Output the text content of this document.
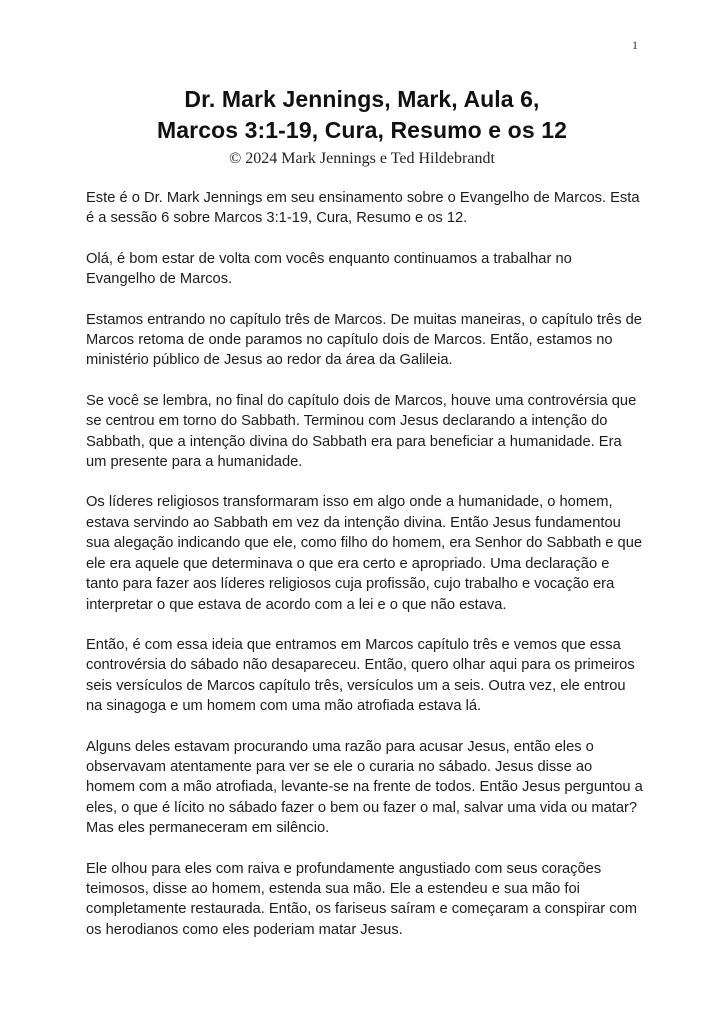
1
Dr. Mark Jennings, Mark, Aula 6,
Marcos 3:1-19, Cura, Resumo e os 12

© 2024 Mark Jennings e Ted Hildebrandt

Este é o Dr. Mark Jennings em seu ensinamento sobre o Evangelho de Marcos. Esta é a sessão 6 sobre Marcos 3:1-19, Cura, Resumo e os 12.

Olá, é bom estar de volta com vocês enquanto continuamos a trabalhar no Evangelho de Marcos.

Estamos entrando no capítulo três de Marcos. De muitas maneiras, o capítulo três de Marcos retoma de onde paramos no capítulo dois de Marcos. Então, estamos no ministério público de Jesus ao redor da área da Galileia.

Se você se lembra, no final do capítulo dois de Marcos, houve uma controvérsia que se centrou em torno do Sabbath. Terminou com Jesus declarando a intenção do Sabbath, que a intenção divina do Sabbath era para beneficiar a humanidade. Era um presente para a humanidade.

Os líderes religiosos transformaram isso em algo onde a humanidade, o homem, estava servindo ao Sabbath em vez da intenção divina. Então Jesus fundamentou sua alegação indicando que ele, como filho do homem, era Senhor do Sabbath e que ele era aquele que determinava o que era certo e apropriado. Uma declaração e tanto para fazer aos líderes religiosos cuja profissão, cujo trabalho e vocação era interpretar o que estava de acordo com a lei e o que não estava.

Então, é com essa ideia que entramos em Marcos capítulo três e vemos que essa controvérsia do sábado não desapareceu. Então, quero olhar aqui para os primeiros seis versículos de Marcos capítulo três, versículos um a seis. Outra vez, ele entrou na sinagoga e um homem com uma mão atrofiada estava lá.

Alguns deles estavam procurando uma razão para acusar Jesus, então eles o observavam atentamente para ver se ele o curaria no sábado. Jesus disse ao homem com a mão atrofiada, levante-se na frente de todos. Então Jesus perguntou a eles, o que é lícito no sábado fazer o bem ou fazer o mal, salvar uma vida ou matar? Mas eles permaneceram em silêncio.

Ele olhou para eles com raiva e profundamente angustiado com seus corações teimosos, disse ao homem, estenda sua mão. Ele a estendeu e sua mão foi completamente restaurada. Então, os fariseus saíram e começaram a conspirar com os herodianos como eles poderiam matar Jesus.
